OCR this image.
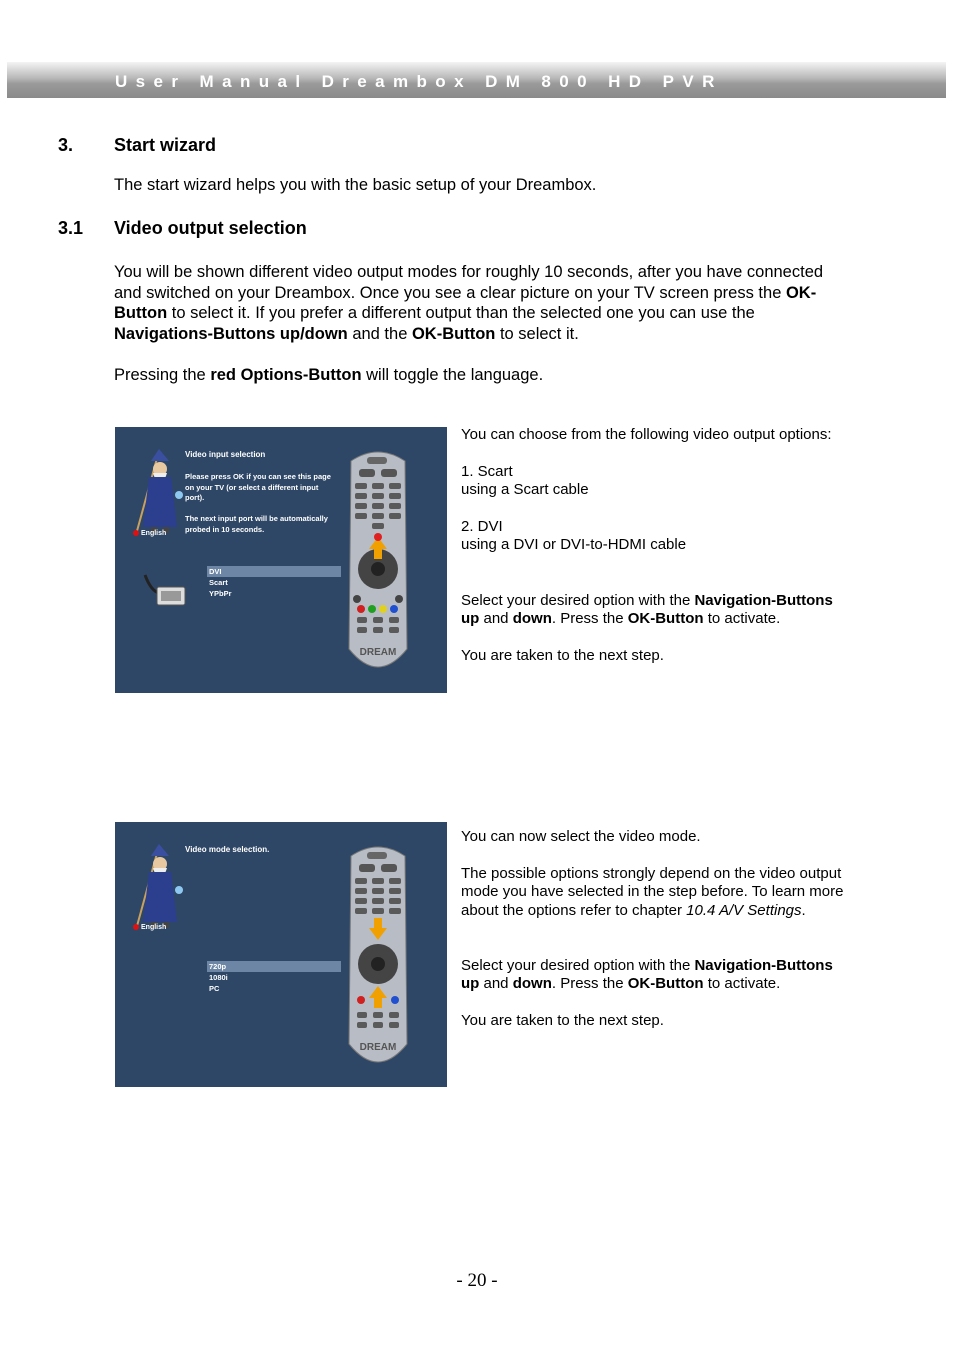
User Manual Dreambox DM 800 HD PVR
3. Start wizard
The start wizard helps you with the basic setup of your Dreambox.
3.1 Video output selection
You will be shown different video output modes for roughly 10 seconds, after you have connected and switched on your Dreambox. Once you see a clear picture on your TV screen press the OK-Button to select it. If you prefer a different output than the selected one you can use the Navigations-Buttons up/down and the OK-Button to select it.
Pressing the red Options-Button will toggle the language.
English
Video input selection
Please press OK if you can see this page on your TV (or select a different input port).
The next input port will be automatically probed in 10 seconds.
DVI
Scart
YPbPr
DREAM

You can choose from the following video output options:

1. Scart

using a Scart cable

2. DVI

using a DVI or DVI-to-HDMI cable

Select your desired option with the Navigation-Buttons up and down. Press the OK-Button to activate.

You are taken to the next step.

English
Video mode selection.
720p
1080i
PC
DREAM

You can now select the video mode.

The possible options strongly depend on the video output mode you have selected in the step before. To learn more about the options refer to chapter 10.4 A/V Settings.

Select your desired option with the Navigation-Buttons up and down. Press the OK-Button to activate.

You are taken to the next step.

- 20 -
